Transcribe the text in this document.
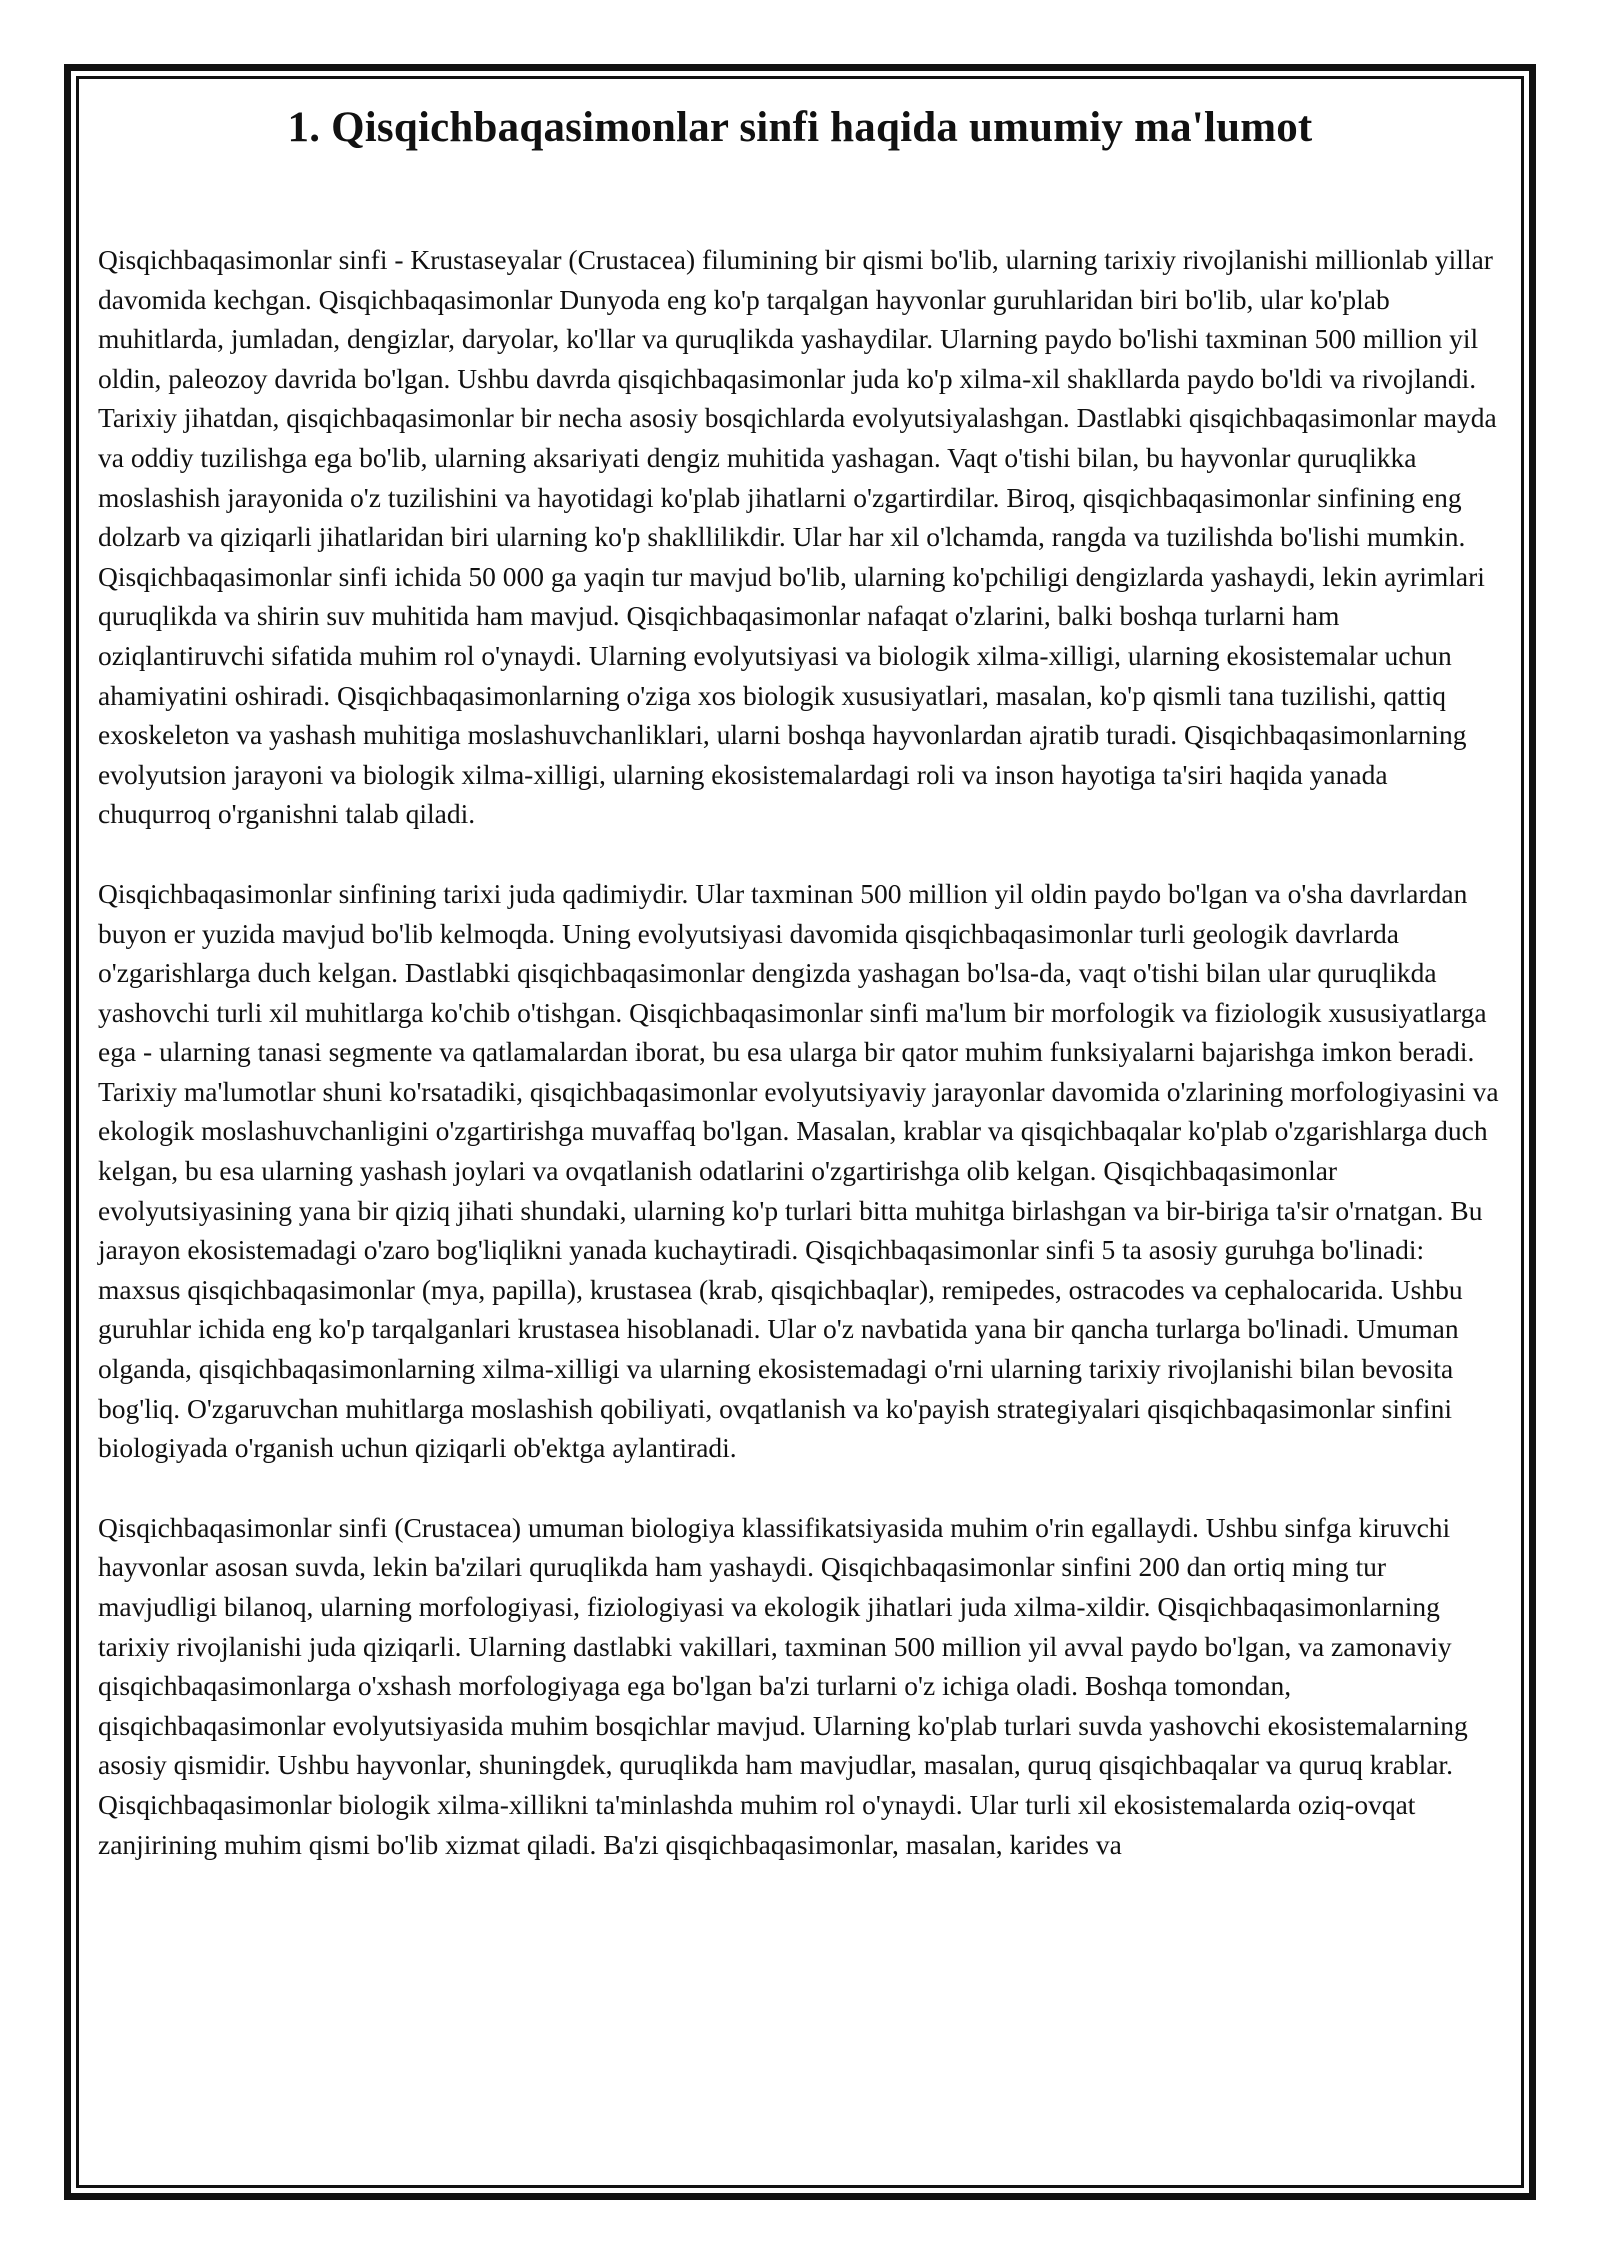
1. Qisqichbaqasimonlar sinfi haqida umumiy ma'lumot

Qisqichbaqasimonlar sinfi - Krustaseyalar (Crustacea) filumining bir qismi bo'lib, ularning tarixiy rivojlanishi millionlab yillar davomida kechgan. Qisqichbaqasimonlar Dunyoda eng ko'p tarqalgan hayvonlar guruhlaridan biri bo'lib, ular ko'plab muhitlarda, jumladan, dengizlar, daryolar, ko'llar va quruqlikda yashaydilar. Ularning paydo bo'lishi taxminan 500 million yil oldin, paleozoy davrida bo'lgan. Ushbu davrda qisqichbaqasimonlar juda ko'p xilma-xil shakllarda paydo bo'ldi va rivojlandi. Tarixiy jihatdan, qisqichbaqasimonlar bir necha asosiy bosqichlarda evolyutsiyalashgan. Dastlabki qisqichbaqasimonlar mayda va oddiy tuzilishga ega bo'lib, ularning aksariyati dengiz muhitida yashagan. Vaqt o'tishi bilan, bu hayvonlar quruqlikka moslashish jarayonida o'z tuzilishini va hayotidagi ko'plab jihatlarni o'zgartirdilar. Biroq, qisqichbaqasimonlar sinfining eng dolzarb va qiziqarli jihatlaridan biri ularning ko'p shakllilikdir. Ular har xil o'lchamda, rangda va tuzilishda bo'lishi mumkin. Qisqichbaqasimonlar sinfi ichida 50 000 ga yaqin tur mavjud bo'lib, ularning ko'pchiligi dengizlarda yashaydi, lekin ayrimlari quruqlikda va shirin suv muhitida ham mavjud. Qisqichbaqasimonlar nafaqat o'zlarini, balki boshqa turlarni ham oziqlantiruvchi sifatida muhim rol o'ynaydi. Ularning evolyutsiyasi va biologik xilma-xilligi, ularning ekosistemalar uchun ahamiyatini oshiradi. Qisqichbaqasimonlarning o'ziga xos biologik xususiyatlari, masalan, ko'p qismli tana tuzilishi, qattiq exoskeleton va yashash muhitiga moslashuvchanliklari, ularni boshqa hayvonlardan ajratib turadi. Qisqichbaqasimonlarning evolyutsion jarayoni va biologik xilma-xilligi, ularning ekosistemalardagi roli va inson hayotiga ta'siri haqida yanada chuqurroq o'rganishni talab qiladi.

Qisqichbaqasimonlar sinfining tarixi juda qadimiydir. Ular taxminan 500 million yil oldin paydo bo'lgan va o'sha davrlardan buyon er yuzida mavjud bo'lib kelmoqda. Uning evolyutsiyasi davomida qisqichbaqasimonlar turli geologik davrlarda o'zgarishlarga duch kelgan. Dastlabki qisqichbaqasimonlar dengizda yashagan bo'lsa-da, vaqt o'tishi bilan ular quruqlikda yashovchi turli xil muhitlarga ko'chib o'tishgan. Qisqichbaqasimonlar sinfi ma'lum bir morfologik va fiziologik xususiyatlarga ega - ularning tanasi segmente va qatlamalardan iborat, bu esa ularga bir qator muhim funksiyalarni bajarishga imkon beradi. Tarixiy ma'lumotlar shuni ko'rsatadiki, qisqichbaqasimonlar evolyutsiyaviy jarayonlar davomida o'zlarining morfologiyasini va ekologik moslashuvchanligini o'zgartirishga muvaffaq bo'lgan. Masalan, krablar va qisqichbaqalar ko'plab o'zgarishlarga duch kelgan, bu esa ularning yashash joylari va ovqatlanish odatlarini o'zgartirishga olib kelgan. Qisqichbaqasimonlar evolyutsiyasining yana bir qiziq jihati shundaki, ularning ko'p turlari bitta muhitga birlashgan va bir-biriga ta'sir o'rnatgan. Bu jarayon ekosistemadagi o'zaro bog'liqlikni yanada kuchaytiradi. Qisqichbaqasimonlar sinfi 5 ta asosiy guruhga bo'linadi: maxsus qisqichbaqasimonlar (mya, papilla), krustasea (krab, qisqichbaqlar), remipedes, ostracodes va cephalocarida. Ushbu guruhlar ichida eng ko'p tarqalganlari krustasea hisoblanadi. Ular o'z navbatida yana bir qancha turlarga bo'linadi. Umuman olganda, qisqichbaqasimonlarning xilma-xilligi va ularning ekosistemadagi o'rni ularning tarixiy rivojlanishi bilan bevosita bog'liq. O'zgaruvchan muhitlarga moslashish qobiliyati, ovqatlanish va ko'payish strategiyalari qisqichbaqasimonlar sinfini biologiyada o'rganish uchun qiziqarli ob'ektga aylantiradi.

Qisqichbaqasimonlar sinfi (Crustacea) umuman biologiya klassifikatsiyasida muhim o'rin egallaydi. Ushbu sinfga kiruvchi hayvonlar asosan suvda, lekin ba'zilari quruqlikda ham yashaydi. Qisqichbaqasimonlar sinfini 200 dan ortiq ming tur mavjudligi bilanoq, ularning morfologiyasi, fiziologiyasi va ekologik jihatlari juda xilma-xildir. Qisqichbaqasimonlarning tarixiy rivojlanishi juda qiziqarli. Ularning dastlabki vakillari, taxminan 500 million yil avval paydo bo'lgan, va zamonaviy qisqichbaqasimonlarga o'xshash morfologiyaga ega bo'lgan ba'zi turlarni o'z ichiga oladi. Boshqa tomondan, qisqichbaqasimonlar evolyutsiyasida muhim bosqichlar mavjud. Ularning ko'plab turlari suvda yashovchi ekosistemalarning asosiy qismidir. Ushbu hayvonlar, shuningdek, quruqlikda ham mavjudlar, masalan, quruq qisqichbaqalar va quruq krablar. Qisqichbaqasimonlar biologik xilma-xillikni ta'minlashda muhim rol o'ynaydi. Ular turli xil ekosistemalarda oziq-ovqat zanjirining muhim qismi bo'lib xizmat qiladi. Ba'zi qisqichbaqasimonlar, masalan, karides va
